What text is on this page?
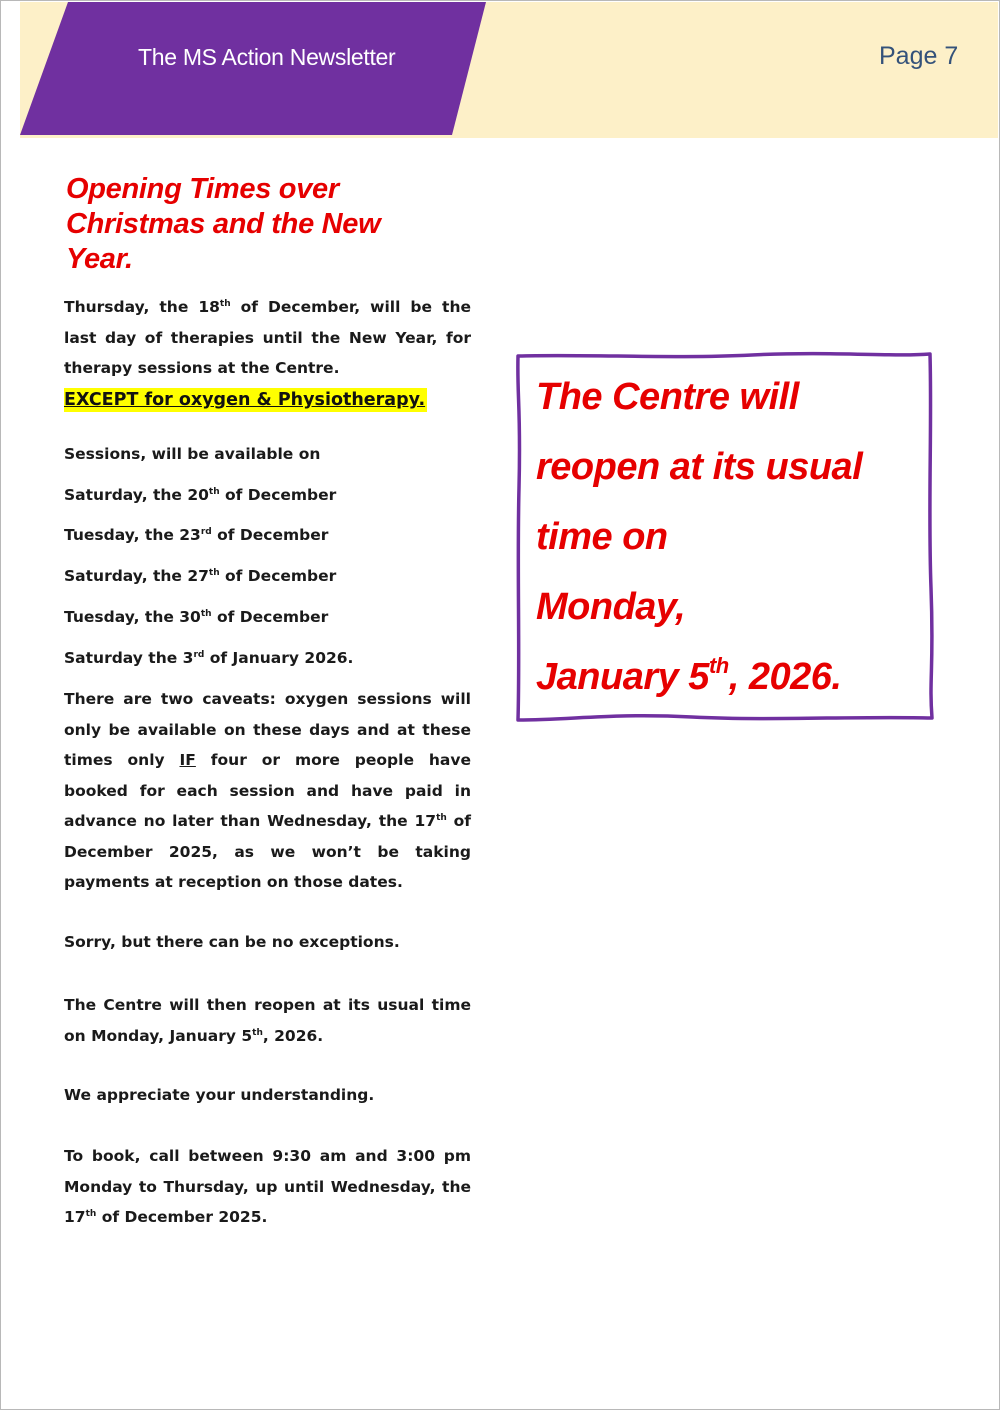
The MS Action Newsletter	Page 7
Opening Times over
Christmas and the New
Year.
Thursday, the 18th of December, will be the last day of therapies until the New Year, for therapy sessions at the Centre.
EXCEPT for oxygen & Physiotherapy.
Sessions, will be available on
Saturday, the 20th of December
Tuesday, the 23rd of December
Saturday, the 27th of December
Tuesday, the 30th of December
Saturday the 3rd of January 2026.
There are two caveats: oxygen sessions will only be available on these days and at these times only IF four or more people have booked for each session and have paid in advance no later than Wednesday, the 17th of December 2025, as we won’t be taking payments at reception on those dates.
Sorry, but there can be no exceptions.
The Centre will then reopen at its usual time on Monday, January 5th, 2026.
We appreciate your understanding.
To book, call between 9:30 am and 3:00 pm Monday to Thursday, up until Wednesday, the 17th of December 2025.
The Centre will
reopen at its usual
time on
Monday,
January 5th, 2026.
